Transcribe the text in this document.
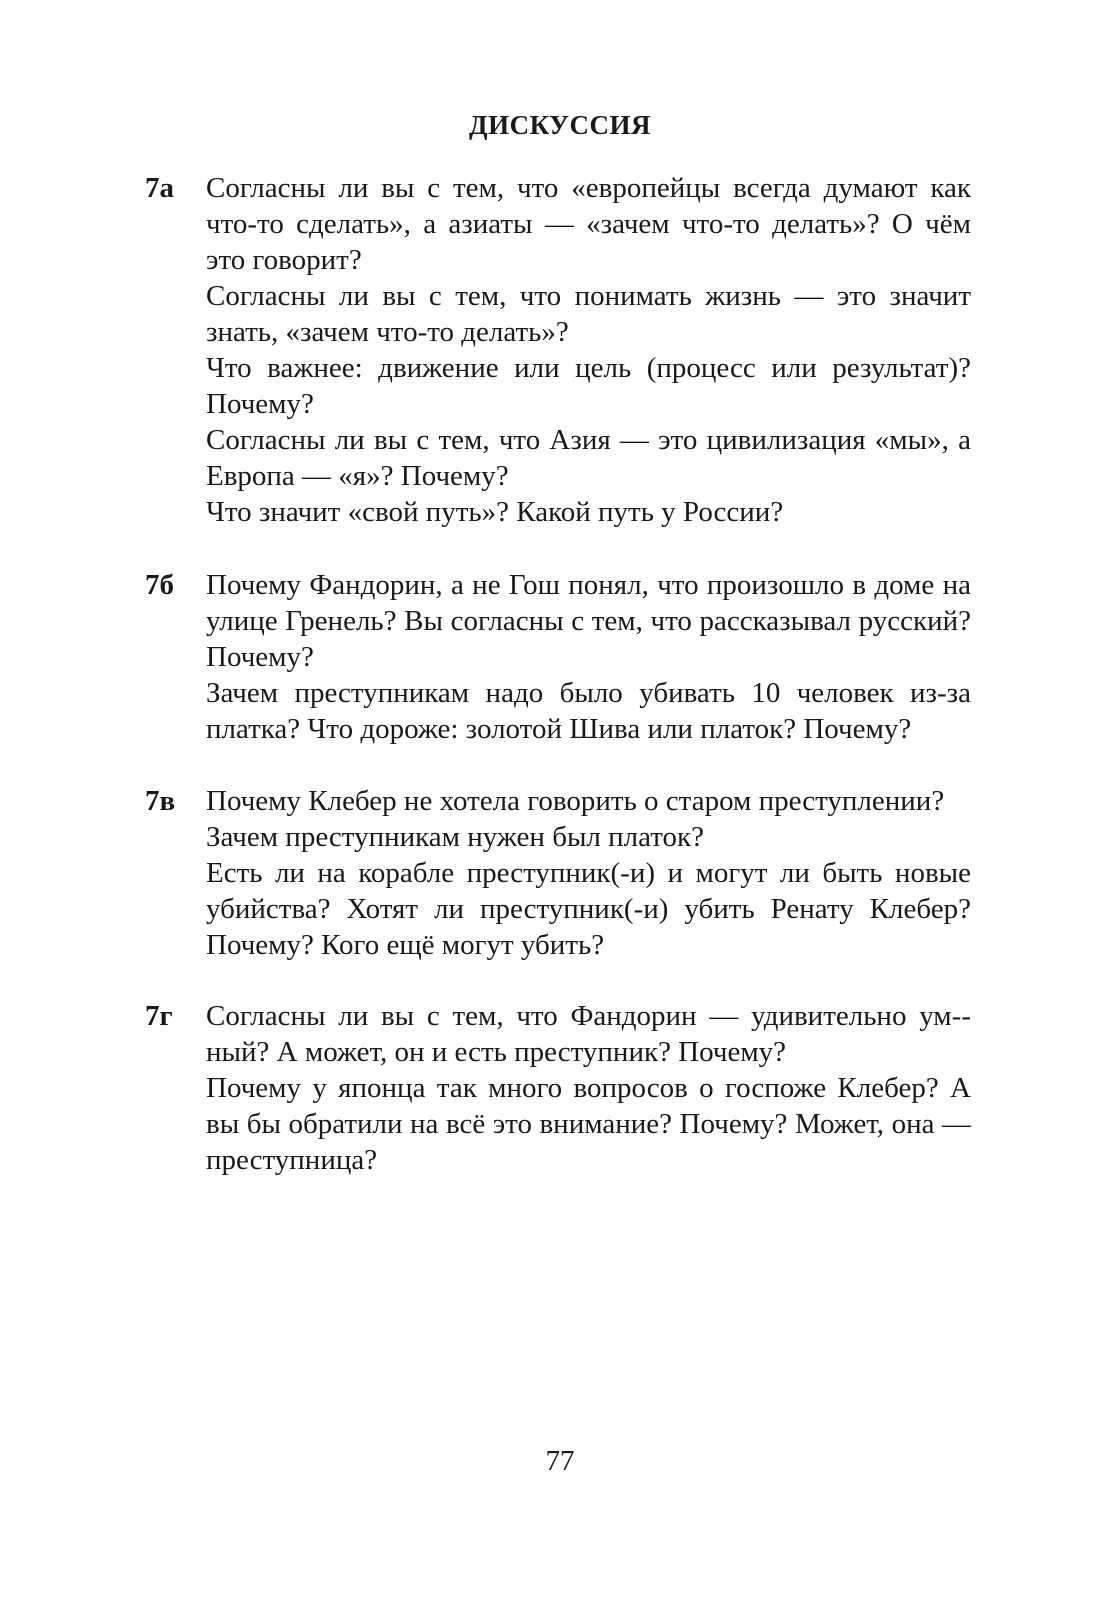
ДИСКУССИЯ
7а Согласны ли вы с тем, что «европейцы всегда думают как что-то сделать», а азиаты — «зачем что-то делать»? О чём это говорит?

Согласны ли вы с тем, что понимать жизнь — это значит знать, «зачем что-то делать»?

Что важнее: движение или цель (процесс или результат)? Почему?

Согласны ли вы с тем, что Азия — это цивилизация «мы», а Европа — «я»? Почему?

Что значит «свой путь»? Какой путь у России?

7б Почему Фандорин, а не Гош понял, что произошло в доме на улице Гренель? Вы согласны с тем, что рассказывал русский? Почему?

Зачем преступникам надо было убивать 10 человек из-за платка? Что дороже: золотой Шива или платок? Почему?

7в Почему Клебер не хотела говорить о старом преступлении?

Зачем преступникам нужен был платок?

Есть ли на корабле преступник(-и) и могут ли быть новые убийства? Хотят ли преступник(-и) убить Ренату Клебер? Почему? Кого ещё могут убить?

7г Согласны ли вы с тем, что Фандорин — удивительно ум-ный? А может, он и есть преступник? Почему?

Почему у японца так много вопросов о госпоже Клебер? А вы бы обратили на всё это внимание? Почему? Может, она — преступница?

77
